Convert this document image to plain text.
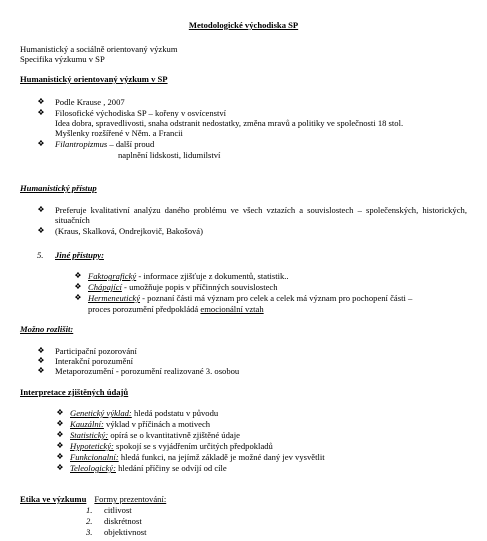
Metodologické východiska SP
Humanistický a sociálně orientovaný výzkum
Specifika výzkumu v SP
Humanistický orientovaný výzkum v SP
❖ Podle Krause , 2007
❖ Filosofické východiska SP – kořeny v osvícenství
Idea dobra, spravedlivosti, snaha odstranit nedostatky, změna mravů a politiky ve společnosti 18 stol.
Myšlenky rozšířené v Něm. a Francii
❖ Filantropizmus – další proud
naplnění lidskosti, lidumilství
Humanistický přístup
❖ Preferuje kvalitativní analýzu daného problému ve všech vztazích a souvislostech – společenských, historických, situačních
❖ (Kraus, Skalková, Ondrejkovič, Bakošová)
5. Jiné přístupy:
❖ Faktografický - informace zjišťuje z dokumentů, statistik..
❖ Chápající - umožňuje popis v příčinných souvislostech
❖ Hermeneutický - poznaní části má význam pro celek a celek má význam pro pochopení části –
proces porozumění předpokládá emocionální vztah
Možno rozlišit:
❖ Participační pozorování
❖ Interakční porozumění
❖ Metaporozumění - porozumění realizované 3. osobou
Interpretace zjištěných údajů
❖ Genetický výklad: hledá podstatu v původu
❖ Kauzální: výklad v příčinách a motivech
❖ Statistický: opírá se o kvantitativně zjištěné údaje
❖ Hypotetický: spokojí se s vyjádřením určitých předpokladů
❖ Funkcionalní: hledá funkci, na jejímž základě je možné daný jev vysvětlit
❖ Teleologický: hledání příčiny se odvíjí od cíle
Etika ve výzkumu Formy prezentování:
1. citlivost
2. diskrétnost
3. objektivnost
